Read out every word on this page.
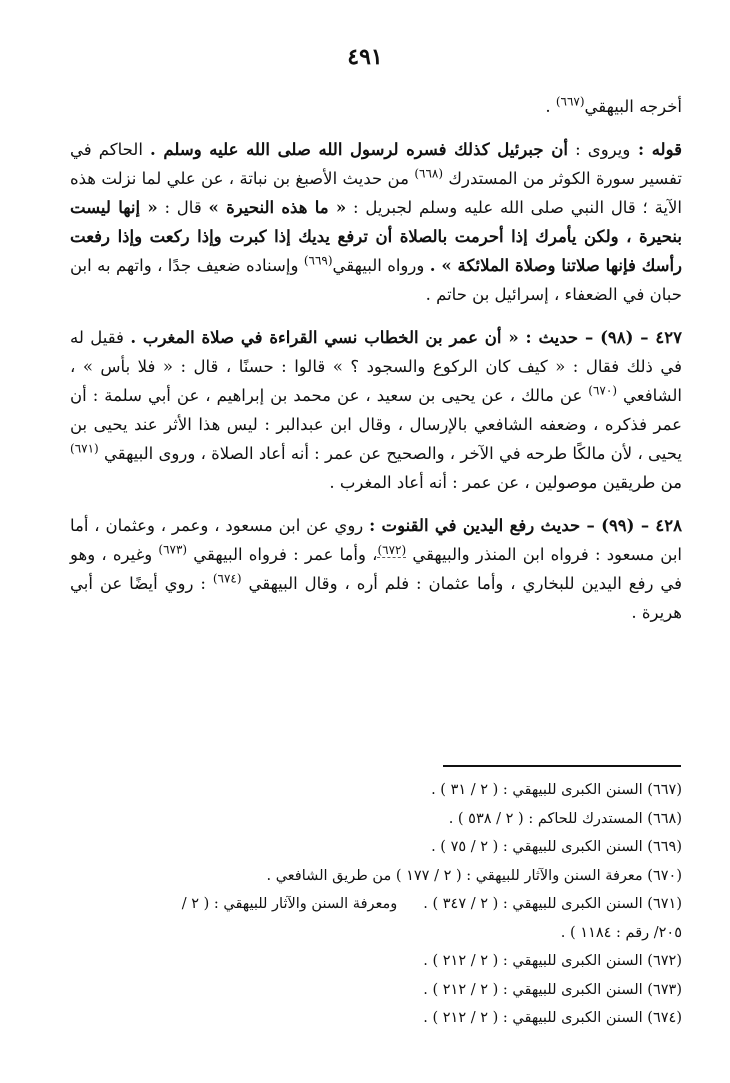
٤٩١

أخرجه البيهقي$^{(٦٦٧)}$ .

قوله : ويروى : أن جبرئيل كذلك فسره لرسول الله صلى الله عليه وسلم . الحاكم في تفسير سورة الكوثر من المستدرك $^{(٦٦٨)}$ من حديث الأصبغ بن نباتة ، عن علي لما نزلت هذه الآية ؛ قال النبي صلى الله عليه وسلم لجبريل : « ما هذه النحيرة » قال : « إنها ليست بنحيرة ، ولكن يأمرك إذا أحرمت بالصلاة أن ترفع يديك إذا كبرت وإذا ركعت وإذا رفعت رأسك فإنها صلاتنا وصلاة الملائكة » . ورواه البيهقي$^{(٦٦٩)}$ وإسناده ضعيف جدًا ، واتهم به ابن حبان في الضعفاء ، إسرائيل بن حاتم .

٤٢٧ – (٩٨) – حديث : « أن عمر بن الخطاب نسي القراءة في صلاة المغرب . فقيل له في ذلك فقال : « كيف كان الركوع والسجود ؟ » قالوا : حسنًا ، قال : « فلا بأس » ، الشافعي $^{(٦٧٠)}$ عن مالك ، عن يحيى بن سعيد ، عن محمد بن إبراهيم ، عن أبي سلمة : أن عمر فذكره ، وضعفه الشافعي بالإرسال ، وقال ابن عبدالبر : ليس هذا الأثر عند يحيى بن يحيى ، لأن مالكًا طرحه في الآخر ، والصحيح عن عمر : أنه أعاد الصلاة ، وروى البيهقي $^{(٦٧١)}$ من طريقين موصولين ، عن عمر : أنه أعاد المغرب .

٤٢٨ – (٩٩) – حديث رفع اليدين في القنوت : روي عن ابن مسعود ، وعمر ، وعثمان ، أما ابن مسعود : فرواه ابن المنذر والبيهقي $^{(٦٧٢)}$، وأما عمر : فرواه البيهقي $^{(٦٧٣)}$ وغيره ، وهو في رفع اليدين للبخاري ، وأما عثمان : فلم أره ، وقال البيهقي $^{(٦٧٤)}$ : روي أيضًا عن أبي هريرة .

(٦٦٧) السنن الكبرى للبيهقي : ( ٢ / ٣١ ) .

(٦٦٨) المستدرك للحاكم : ( ٢ / ٥٣٨ ) .

(٦٦٩) السنن الكبرى للبيهقي : ( ٢ / ٧٥ ) .

(٦٧٠) معرفة السنن والآثار للبيهقي : ( ٢ / ١٧٧ ) من طريق الشافعي .

(٦٧١) السنن الكبرى للبيهقي : ( ٢ / ٣٤٧ ) .ومعرفة السنن والآثار للبيهقي : ( ٢ /

٢٠٥/ رقم : ١١٨٤ ) .

(٦٧٢) السنن الكبرى للبيهقي : ( ٢ / ٢١٢ ) .

(٦٧٣) السنن الكبرى للبيهقي : ( ٢ / ٢١٢ ) .

(٦٧٤) السنن الكبرى للبيهقي : ( ٢ / ٢١٢ ) .
